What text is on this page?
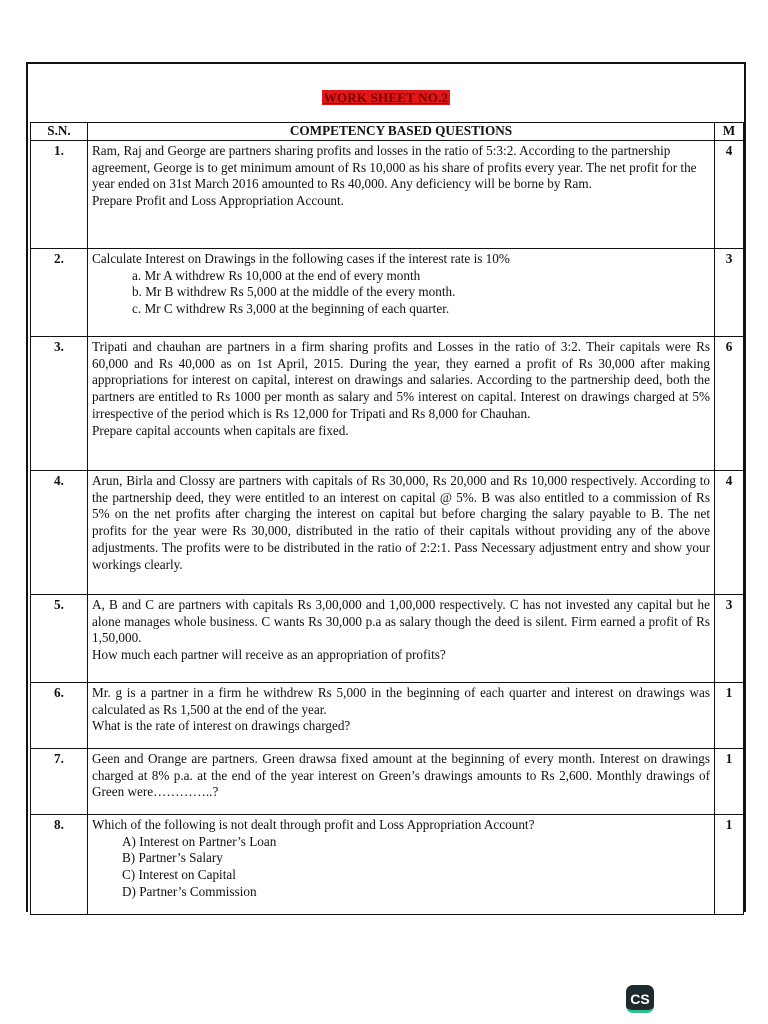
WORK SHEET NO.2
S.N.	COMPETENCY BASED QUESTIONS	M
1.	Ram, Raj and George are partners sharing profits and losses in the ratio of 5:3:2. According to the partnership agreement, George is to get minimum amount of Rs 10,000 as his share of profits every year. The net profit for the year ended on 31st March 2016 amounted to Rs 40,000. Any deficiency will be borne by Ram.
Prepare Profit and Loss Appropriation Account.	4
2.	Calculate Interest on Drawings in the following cases if the interest rate is 10%
a. Mr A withdrew Rs 10,000 at the end of every month
b. Mr B withdrew Rs 5,000 at the middle of the every month.
c. Mr C withdrew Rs 3,000 at the beginning of each quarter.	3
3.	Tripati and chauhan are partners in a firm sharing profits and Losses in the ratio of 3:2. Their capitals were Rs 60,000 and Rs 40,000 as on 1st April, 2015. During the year, they earned a profit of Rs 30,000 after making appropriations for interest on capital, interest on drawings and salaries. According to the partnership deed, both the partners are entitled to Rs 1000 per month as salary and 5% interest on capital. Interest on drawings charged at 5% irrespective of the period which is Rs 12,000 for Tripati and Rs 8,000 for Chauhan.
Prepare capital accounts when capitals are fixed.	6
4.	Arun, Birla and Clossy are partners with capitals of Rs 30,000, Rs 20,000 and Rs 10,000 respectively. According to the partnership deed, they were entitled to an interest on capital @ 5%. B was also entitled to a commission of Rs 5% on the net profits after charging the interest on capital but before charging the salary payable to B. The net profits for the year were Rs 30,000, distributed in the ratio of their capitals without providing any of the above adjustments. The profits were to be distributed in the ratio of 2:2:1. Pass Necessary adjustment entry and show your workings clearly.	4
5.	A, B and C are partners with capitals Rs 3,00,000 and 1,00,000 respectively. C has not invested any capital but he alone manages whole business. C wants Rs 30,000 p.a as salary though the deed is silent. Firm earned a profit of Rs 1,50,000.
How much each partner will receive as an appropriation of profits?	3
6.	Mr. g is a partner in a firm he withdrew Rs 5,000 in the beginning of each quarter and interest on drawings was calculated as Rs 1,500 at the end of the year.
What is the rate of interest on drawings charged?	1
7.	Geen and Orange are partners. Green drawsa fixed amount at the beginning of every month. Interest on drawings charged at 8% p.a. at the end of the year interest on Green’s drawings amounts to Rs 2,600. Monthly drawings of Green were…………..?	1
8.	Which of the following is not dealt through profit and Loss Appropriation Account?
A) Interest on Partner’s Loan
B) Partner’s Salary
C) Interest on Capital
D) Partner’s Commission	1
CS
